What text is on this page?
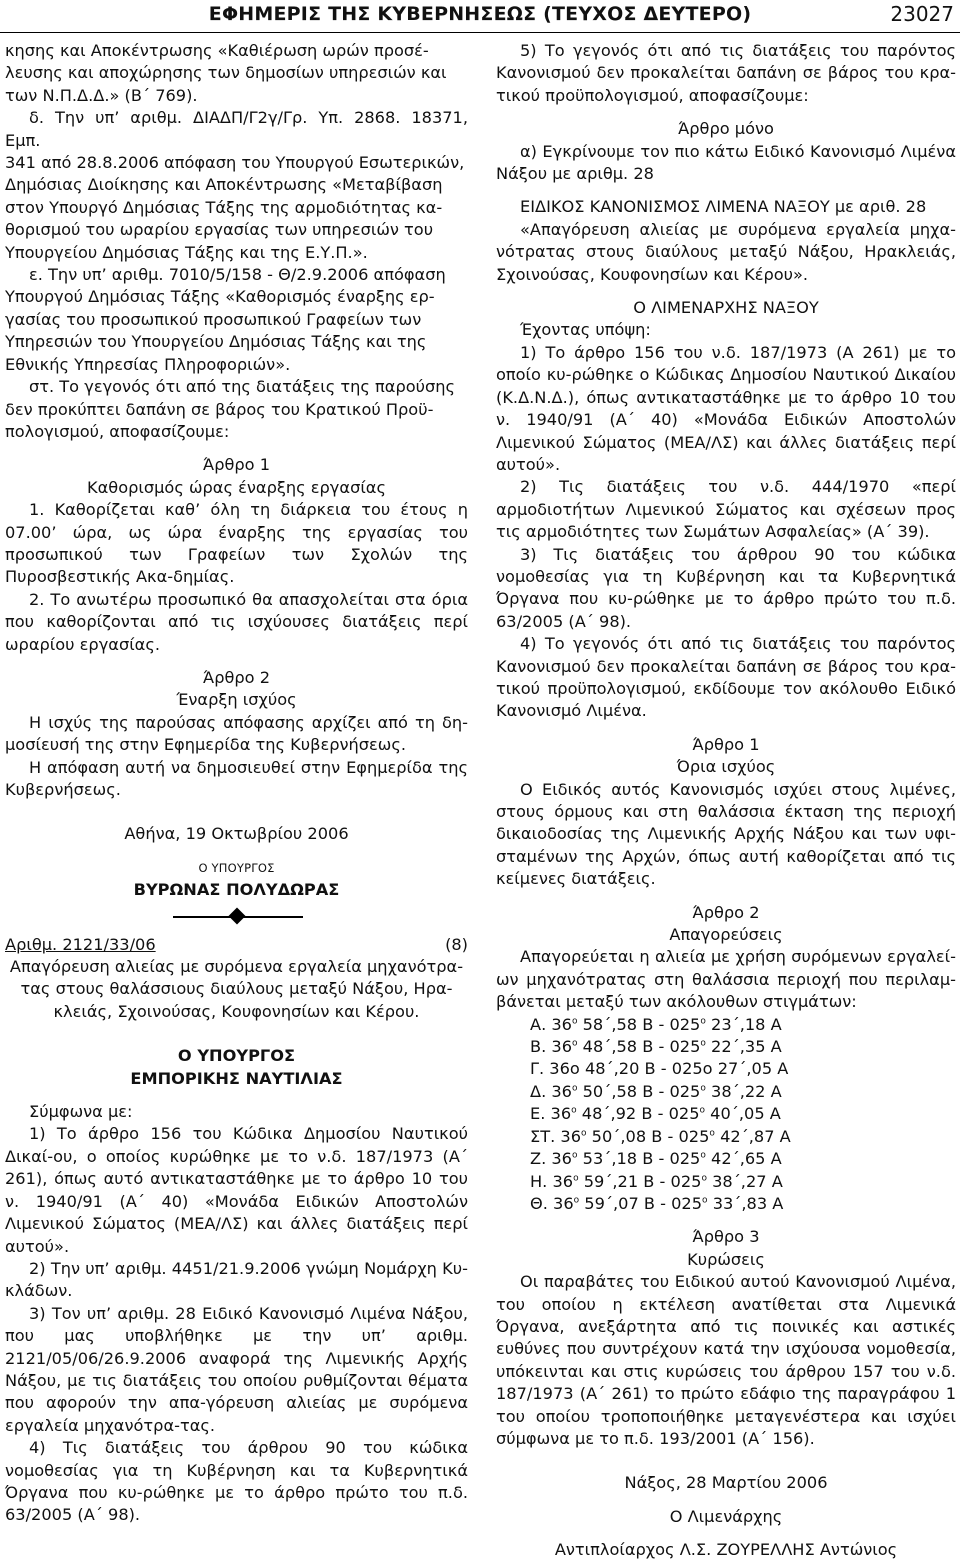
ΕΦΗΜΕΡΙΣ ΤΗΣ ΚΥΒΕΡΝΗΣΕΩΣ (ΤΕΥΧΟΣ ΔΕΥΤΕΡΟ)	23027

κησης και Αποκέντρωσης «Καθιέρωση ωρών προσέ-

λευσης και αποχώρησης των δημοσίων υπηρεσιών και

των Ν.Π.Δ.Δ.» (Β΄ 769).

δ. Την υπ’ αριθμ. ΔΙΑΔΠ/Γ2γ/Γρ. Υπ. 2868. 18371, Εμπ.

341 από 28.8.2006 απόφαση του Υπουργού Εσωτερικών,

Δημόσιας Διοίκησης και Αποκέντρωσης «Μεταβίβαση

στον Υπουργό Δημόσιας Τάξης της αρμοδιότητας κα-

θορισμού του ωραρίου εργασίας των υπηρεσιών του

Υπουργείου Δημόσιας Τάξης και της Ε.Υ.Π.».

ε. Την υπ’ αριθμ. 7010/5/158 - Θ/2.9.2006 απόφαση

Υπουργού Δημόσιας Τάξης «Καθορισμός έναρξης ερ-

γασίας του προσωπικού προσωπικού Γραφείων των

Υπηρεσιών του Υπουργείου Δημόσιας Τάξης και της

Εθνικής Υπηρεσίας Πληροφοριών».

στ. Το γεγονός ότι από της διατάξεις της παρούσης

δεν προκύπτει δαπάνη σε βάρος του Κρατικού Προϋ-

πολογισμού, αποφασίζουμε:

Άρθρο 1

Καθορισμός ώρας έναρξης εργασίας

1. Καθορίζεται καθ’ όλη τη διάρκεια του έτους η 07.00’ ώρα, ως ώρα έναρξης της εργασίας του προσωπικού των Γραφείων των Σχολών της Πυροσβεστικής Ακα-δημίας.

2. Το ανωτέρω προσωπικό θα απασχολείται στα όρια που καθορίζονται από τις ισχύουσες διατάξεις περί ωραρίου εργασίας.

Άρθρο 2

Έναρξη ισχύος

Η ισχύς της παρούσας απόφασης αρχίζει από τη δη-μοσίευσή της στην Εφημερίδα της Κυβερνήσεως.

Η απόφαση αυτή να δημοσιευθεί στην Εφημερίδα της Κυβερνήσεως.

Αθήνα, 19 Οκτωβρίου 2006

Ο ΥΠΟΥΡΓΟΣ

ΒΥΡΩΝΑΣ ΠΟΛΥΔΩΡΑΣ

Αριθμ. 2121/33/06	(8)

Απαγόρευση αλιείας με συρόμενα εργαλεία μηχανότρα-τας στους θαλάσσιους διαύλους μεταξύ Νάξου, Ηρα-κλειάς, Σχοινούσας, Κουφονησίων και Κέρου.

Ο ΥΠΟΥΡΓΟΣ

ΕΜΠΟΡΙΚΗΣ ΝΑΥΤΙΛΙΑΣ

Σύμφωνα με:

1) Το άρθρο 156 του Κώδικα Δημοσίου Ναυτικού Δικαί-ου, ο οποίος κυρώθηκε με το ν.δ. 187/1973 (Α΄ 261), όπως αυτό αντικαταστάθηκε με το άρθρο 10 του ν. 1940/91 (Α΄ 40) «Μονάδα Ειδικών Αποστολών Λιμενικού Σώματος (ΜΕΑ/ΛΣ) και άλλες διατάξεις περί αυτού».

2) Την υπ’ αριθμ. 4451/21.9.2006 γνώμη Νομάρχη Κυ-κλάδων.

3) Τον υπ’ αριθμ. 28 Ειδικό Κανονισμό Λιμένα Νάξου, που μας υποβλήθηκε με την υπ’ αριθμ. 2121/05/06/26.9.2006 αναφορά της Λιμενικής Αρχής Νάξου, με τις διατάξεις του οποίου ρυθμίζονται θέματα που αφορούν την απα-γόρευση αλιείας με συρόμενα εργαλεία μηχανότρα-τας.

4) Τις διατάξεις του άρθρου 90 του κώδικα νομοθεσίας για τη Κυβέρνηση και τα Κυβερνητικά Όργανα που κυ-ρώθηκε με το άρθρο πρώτο του π.δ. 63/2005 (Α΄ 98).

5) Το γεγονός ότι από τις διατάξεις του παρόντος Κανονισμού δεν προκαλείται δαπάνη σε βάρος του κρα-τικού προϋπολογισμού, αποφασίζουμε:

Άρθρο μόνο

α) Εγκρίνουμε τον πιο κάτω Ειδικό Κανονισμό Λιμένα Νάξου με αριθμ. 28

ΕΙΔΙΚΟΣ ΚΑΝΟΝΙΣΜΟΣ ΛΙΜΕΝΑ ΝΑΞΟΥ με αριθ. 28

«Απαγόρευση αλιείας με συρόμενα εργαλεία μηχα-νότρατας στους διαύλους μεταξύ Νάξου, Ηρακλειάς, Σχοινούσας, Κουφονησίων και Κέρου».

Ο ΛΙΜΕΝΑΡΧΗΣ ΝΑΞΟΥ

Έχοντας υπόψη:

1) Το άρθρο 156 του ν.δ. 187/1973 (Α 261) με το οποίο κυ-ρώθηκε ο Κώδικας Δημοσίου Ναυτικού Δικαίου (Κ.Δ.Ν.Δ.), όπως αντικαταστάθηκε με το άρθρο 10 του ν. 1940/91 (Α΄ 40) «Μονάδα Ειδικών Αποστολών Λιμενικού Σώματος (ΜΕΑ/ΛΣ) και άλλες διατάξεις περί αυτού».

2) Τις διατάξεις του ν.δ. 444/1970 «περί αρμοδιοτήτων Λιμενικού Σώματος και σχέσεων προς τις αρμοδιότητες των Σωμάτων Ασφαλείας» (Α΄ 39).

3) Τις διατάξεις του άρθρου 90 του κώδικα νομοθεσίας για τη Κυβέρνηση και τα Κυβερνητικά Όργανα που κυ-ρώθηκε με το άρθρο πρώτο του π.δ. 63/2005 (Α΄ 98).

4) Το γεγονός ότι από τις διατάξεις του παρόντος Κανονισμού δεν προκαλείται δαπάνη σε βάρος του κρα-τικού προϋπολογισμού, εκδίδουμε τον ακόλουθο Ειδικό Κανονισμό Λιμένα.

Άρθρο 1

Όρια ισχύος

Ο Ειδικός αυτός Κανονισμός ισχύει στους λιμένες, στους όρμους και στη θαλάσσια έκταση της περιοχή δικαιοδοσίας της Λιμενικής Αρχής Νάξου και των υφι-σταμένων της Αρχών, όπως αυτή καθορίζεται από τις κείμενες διατάξεις.

Άρθρο 2

Απαγορεύσεις

Απαγορεύεται η αλιεία με χρήση συρόμενων εργαλεί-ων μηχανότρατας στη θαλάσσια περιοχή που περιλαμ-βάνεται μεταξύ των ακόλουθων στιγμάτων:

Α. $36^o$ 58΄,58 Β - $025^o$ 23΄,18 Α

Β. $36^o$ 48΄,58 Β - $025^o$ 22΄,35 Α

Γ. 36ο 48΄,20 Β - 025ο 27΄,05 Α

Δ. $36^o$ 50΄,58 Β - $025^o$ 38΄,22 Α

Ε. $36^o$ 48΄,92 Β - $025^o$ 40΄,05 Α

ΣΤ. $36^o$ 50΄,08 Β - $025^o$ 42΄,87 Α

Ζ. $36^o$ 53΄,18 Β - $025^o$ 42΄,65 Α

Η. $36^o$ 59΄,21 Β - $025^o$ 38΄,27 Α

Θ. $36^o$ 59΄,07 Β - $025^o$ 33΄,83 Α

Άρθρο 3

Κυρώσεις

Οι παραβάτες του Ειδικού αυτού Κανονισμού Λιμένα, του οποίου η εκτέλεση ανατίθεται στα Λιμενικά Όργανα, ανεξάρτητα από τις ποινικές και αστικές ευθύνες που συντρέχουν κατά την ισχύουσα νομοθεσία, υπόκεινται και στις κυρώσεις του άρθρου 157 του ν.δ. 187/1973 (Α΄ 261) το πρώτο εδάφιο της παραγράφου 1 του οποίου τροποποιήθηκε μεταγενέστερα και ισχύει σύμφωνα με το π.δ. 193/2001 (Α΄ 156).

Νάξος, 28 Μαρτίου 2006

Ο Λιμενάρχης

Αντιπλοίαρχος Λ.Σ. ΖΟΥΡΕΛΛΗΣ Αντώνιος
